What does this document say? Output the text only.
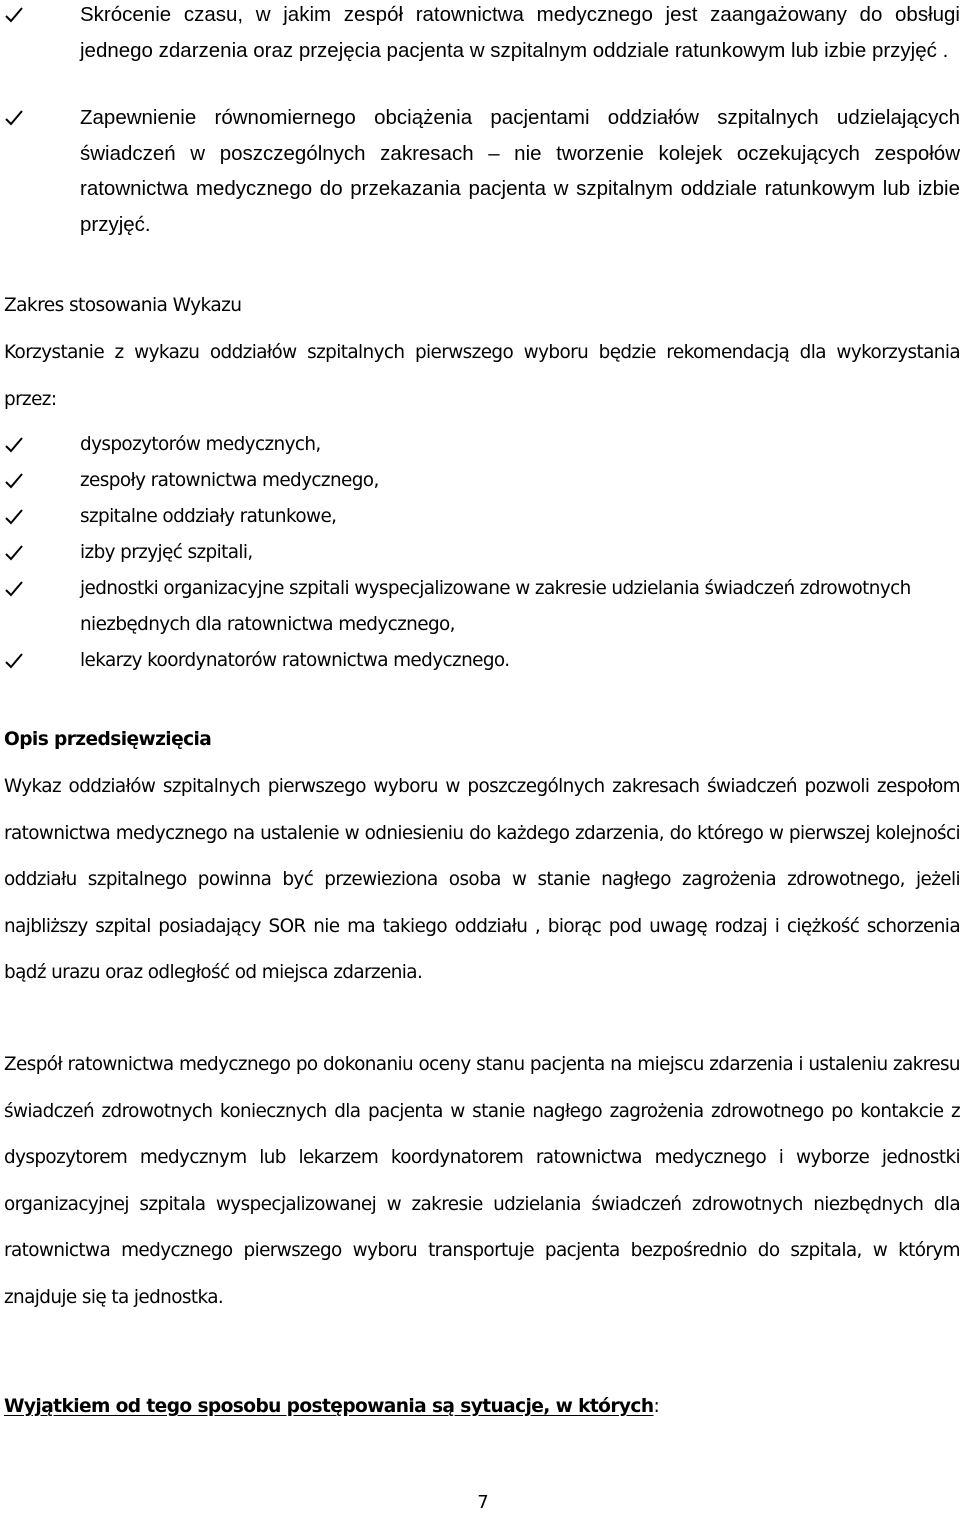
Skrócenie czasu, w jakim zespół ratownictwa medycznego jest zaangażowany do obsługi jednego zdarzenia oraz przejęcia pacjenta w szpitalnym oddziale ratunkowym lub izbie przyjęć .
Zapewnienie równomiernego obciążenia pacjentami oddziałów szpitalnych udzielających świadczeń w poszczególnych zakresach – nie tworzenie kolejek oczekujących zespołów ratownictwa medycznego do przekazania pacjenta w szpitalnym oddziale ratunkowym lub izbie przyjęć.
Zakres stosowania Wykazu
Korzystanie z wykazu oddziałów szpitalnych pierwszego wyboru będzie rekomendacją dla wykorzystania przez:
dyspozytorów medycznych,
zespoły ratownictwa medycznego,
szpitalne oddziały ratunkowe,
izby przyjęć szpitali,
jednostki organizacyjne szpitali wyspecjalizowane w zakresie udzielania świadczeń zdrowotnych niezbędnych dla ratownictwa medycznego,
lekarzy koordynatorów ratownictwa medycznego.
Opis przedsięwzięcia
Wykaz oddziałów szpitalnych pierwszego wyboru w poszczególnych zakresach świadczeń pozwoli zespołom ratownictwa medycznego na ustalenie w odniesieniu do każdego zdarzenia, do którego w pierwszej kolejności oddziału szpitalnego powinna być przewieziona osoba w stanie nagłego zagrożenia zdrowotnego, jeżeli najbliższy szpital posiadający SOR nie ma takiego oddziału , biorąc pod uwagę rodzaj i ciężkość schorzenia bądź urazu oraz odległość od miejsca zdarzenia.
Zespół ratownictwa medycznego po dokonaniu oceny stanu pacjenta na miejscu zdarzenia i ustaleniu zakresu świadczeń zdrowotnych koniecznych dla pacjenta w stanie nagłego zagrożenia zdrowotnego po kontakcie z dyspozytorem medycznym lub lekarzem koordynatorem ratownictwa medycznego i wyborze jednostki organizacyjnej szpitala wyspecjalizowanej w zakresie udzielania świadczeń zdrowotnych niezbędnych dla ratownictwa medycznego pierwszego wyboru transportuje pacjenta bezpośrednio do szpitala, w którym znajduje się ta jednostka.
Wyjątkiem od tego sposobu postępowania są sytuacje, w których:
7
